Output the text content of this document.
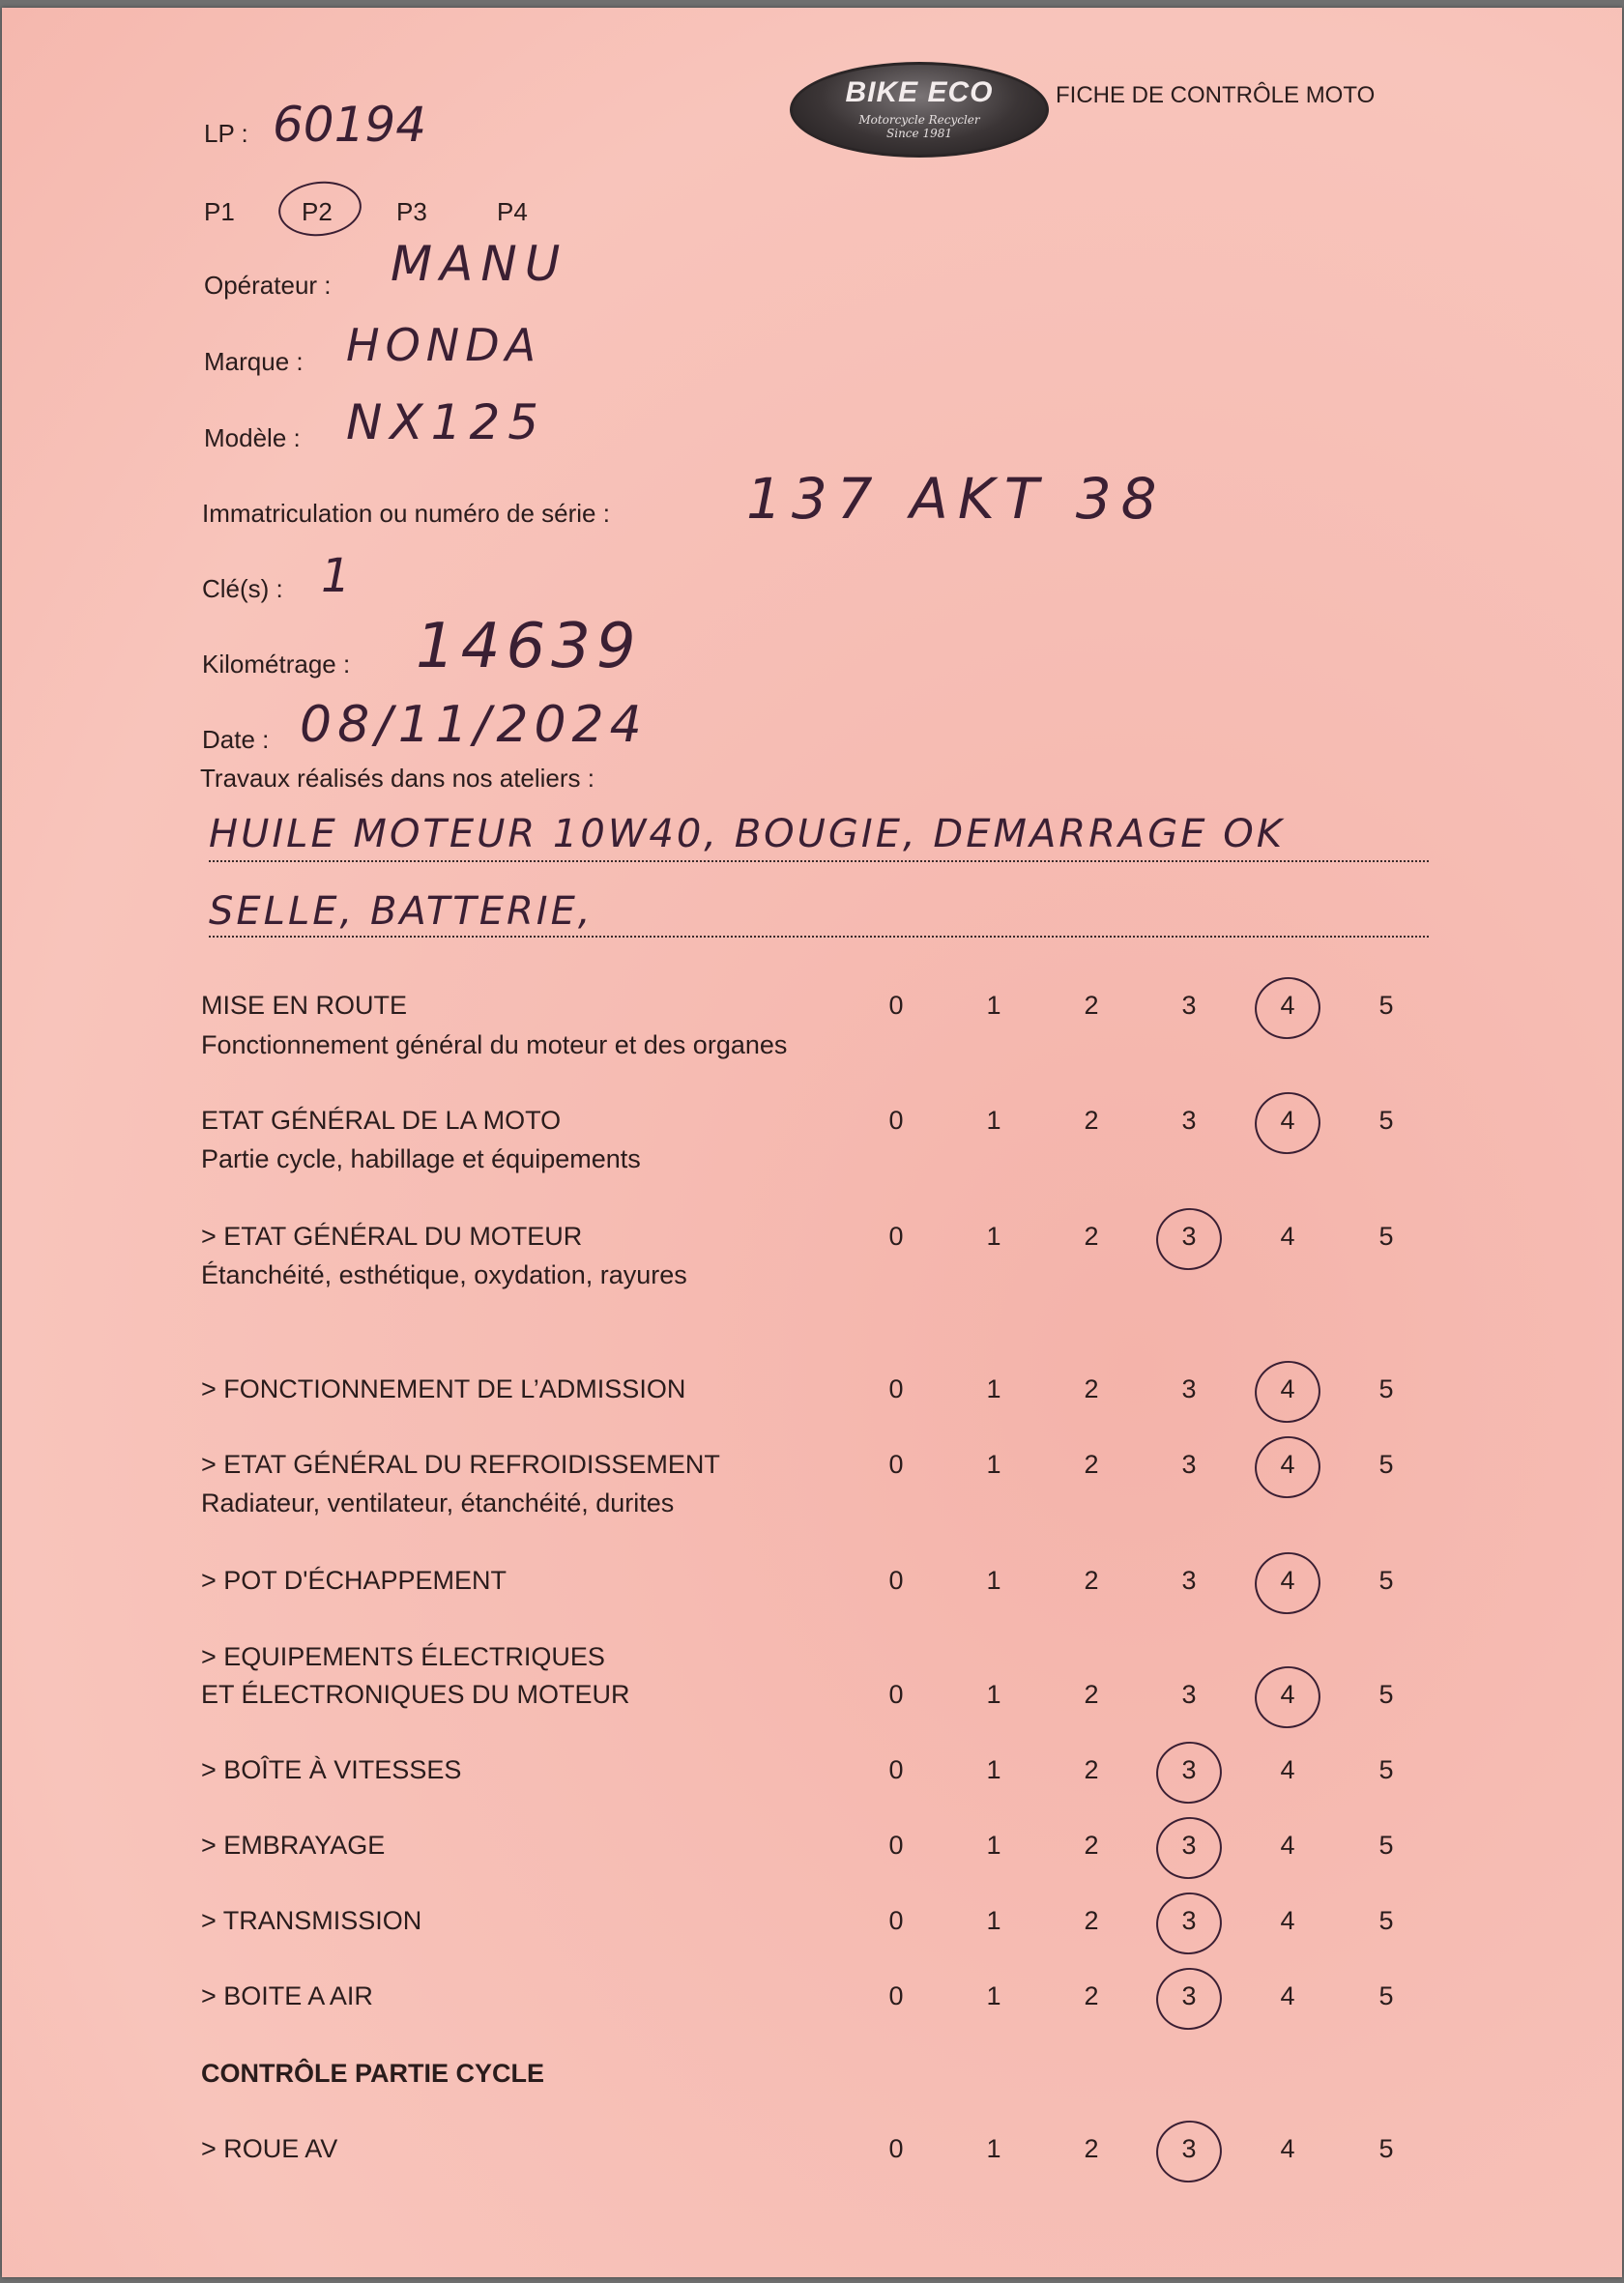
BIKE ECO
Motorcycle Recycler
Since 1981
FICHE DE CONTRÔLE MOTO
LP : 60194
P1	P2	P3	P4
Opérateur : MANU
Marque : HONDA
Modèle : NX125
Immatriculation ou numéro de série : 137 AKT 38
Clé(s) : 1
Kilométrage : 14639
Date : 08/11/2024
Travaux réalisés dans nos ateliers :
HUILE MOTEUR 10W40, BOUGIE, DEMARRAGE OK
SELLE, BATTERIE,
MISE EN ROUTE
Fonctionnement général du moteur et des organes
0	1	2	3	4	5
ETAT GÉNÉRAL DE LA MOTO
Partie cycle, habillage et équipements
0	1	2	3	4	5
> ETAT GÉNÉRAL DU MOTEUR
Étanchéité, esthétique, oxydation, rayures
0	1	2	3	4	5
> FONCTIONNEMENT DE L’ADMISSION	0	1	2	3	4	5
> ETAT GÉNÉRAL DU REFROIDISSEMENT
Radiateur, ventilateur, étanchéité, durites
0	1	2	3	4	5
> POT D'ÉCHAPPEMENT	0	1	2	3	4	5
> EQUIPEMENTS ÉLECTRIQUES
ET ÉLECTRONIQUES DU MOTEUR	0	1	2	3	4	5
> BOÎTE À VITESSES	0	1	2	3	4	5
> EMBRAYAGE	0	1	2	3	4	5
> TRANSMISSION	0	1	2	3	4	5
> BOITE A AIR	0	1	2	3	4	5
CONTRÔLE PARTIE CYCLE
> ROUE AV	0	1	2	3	4	5
